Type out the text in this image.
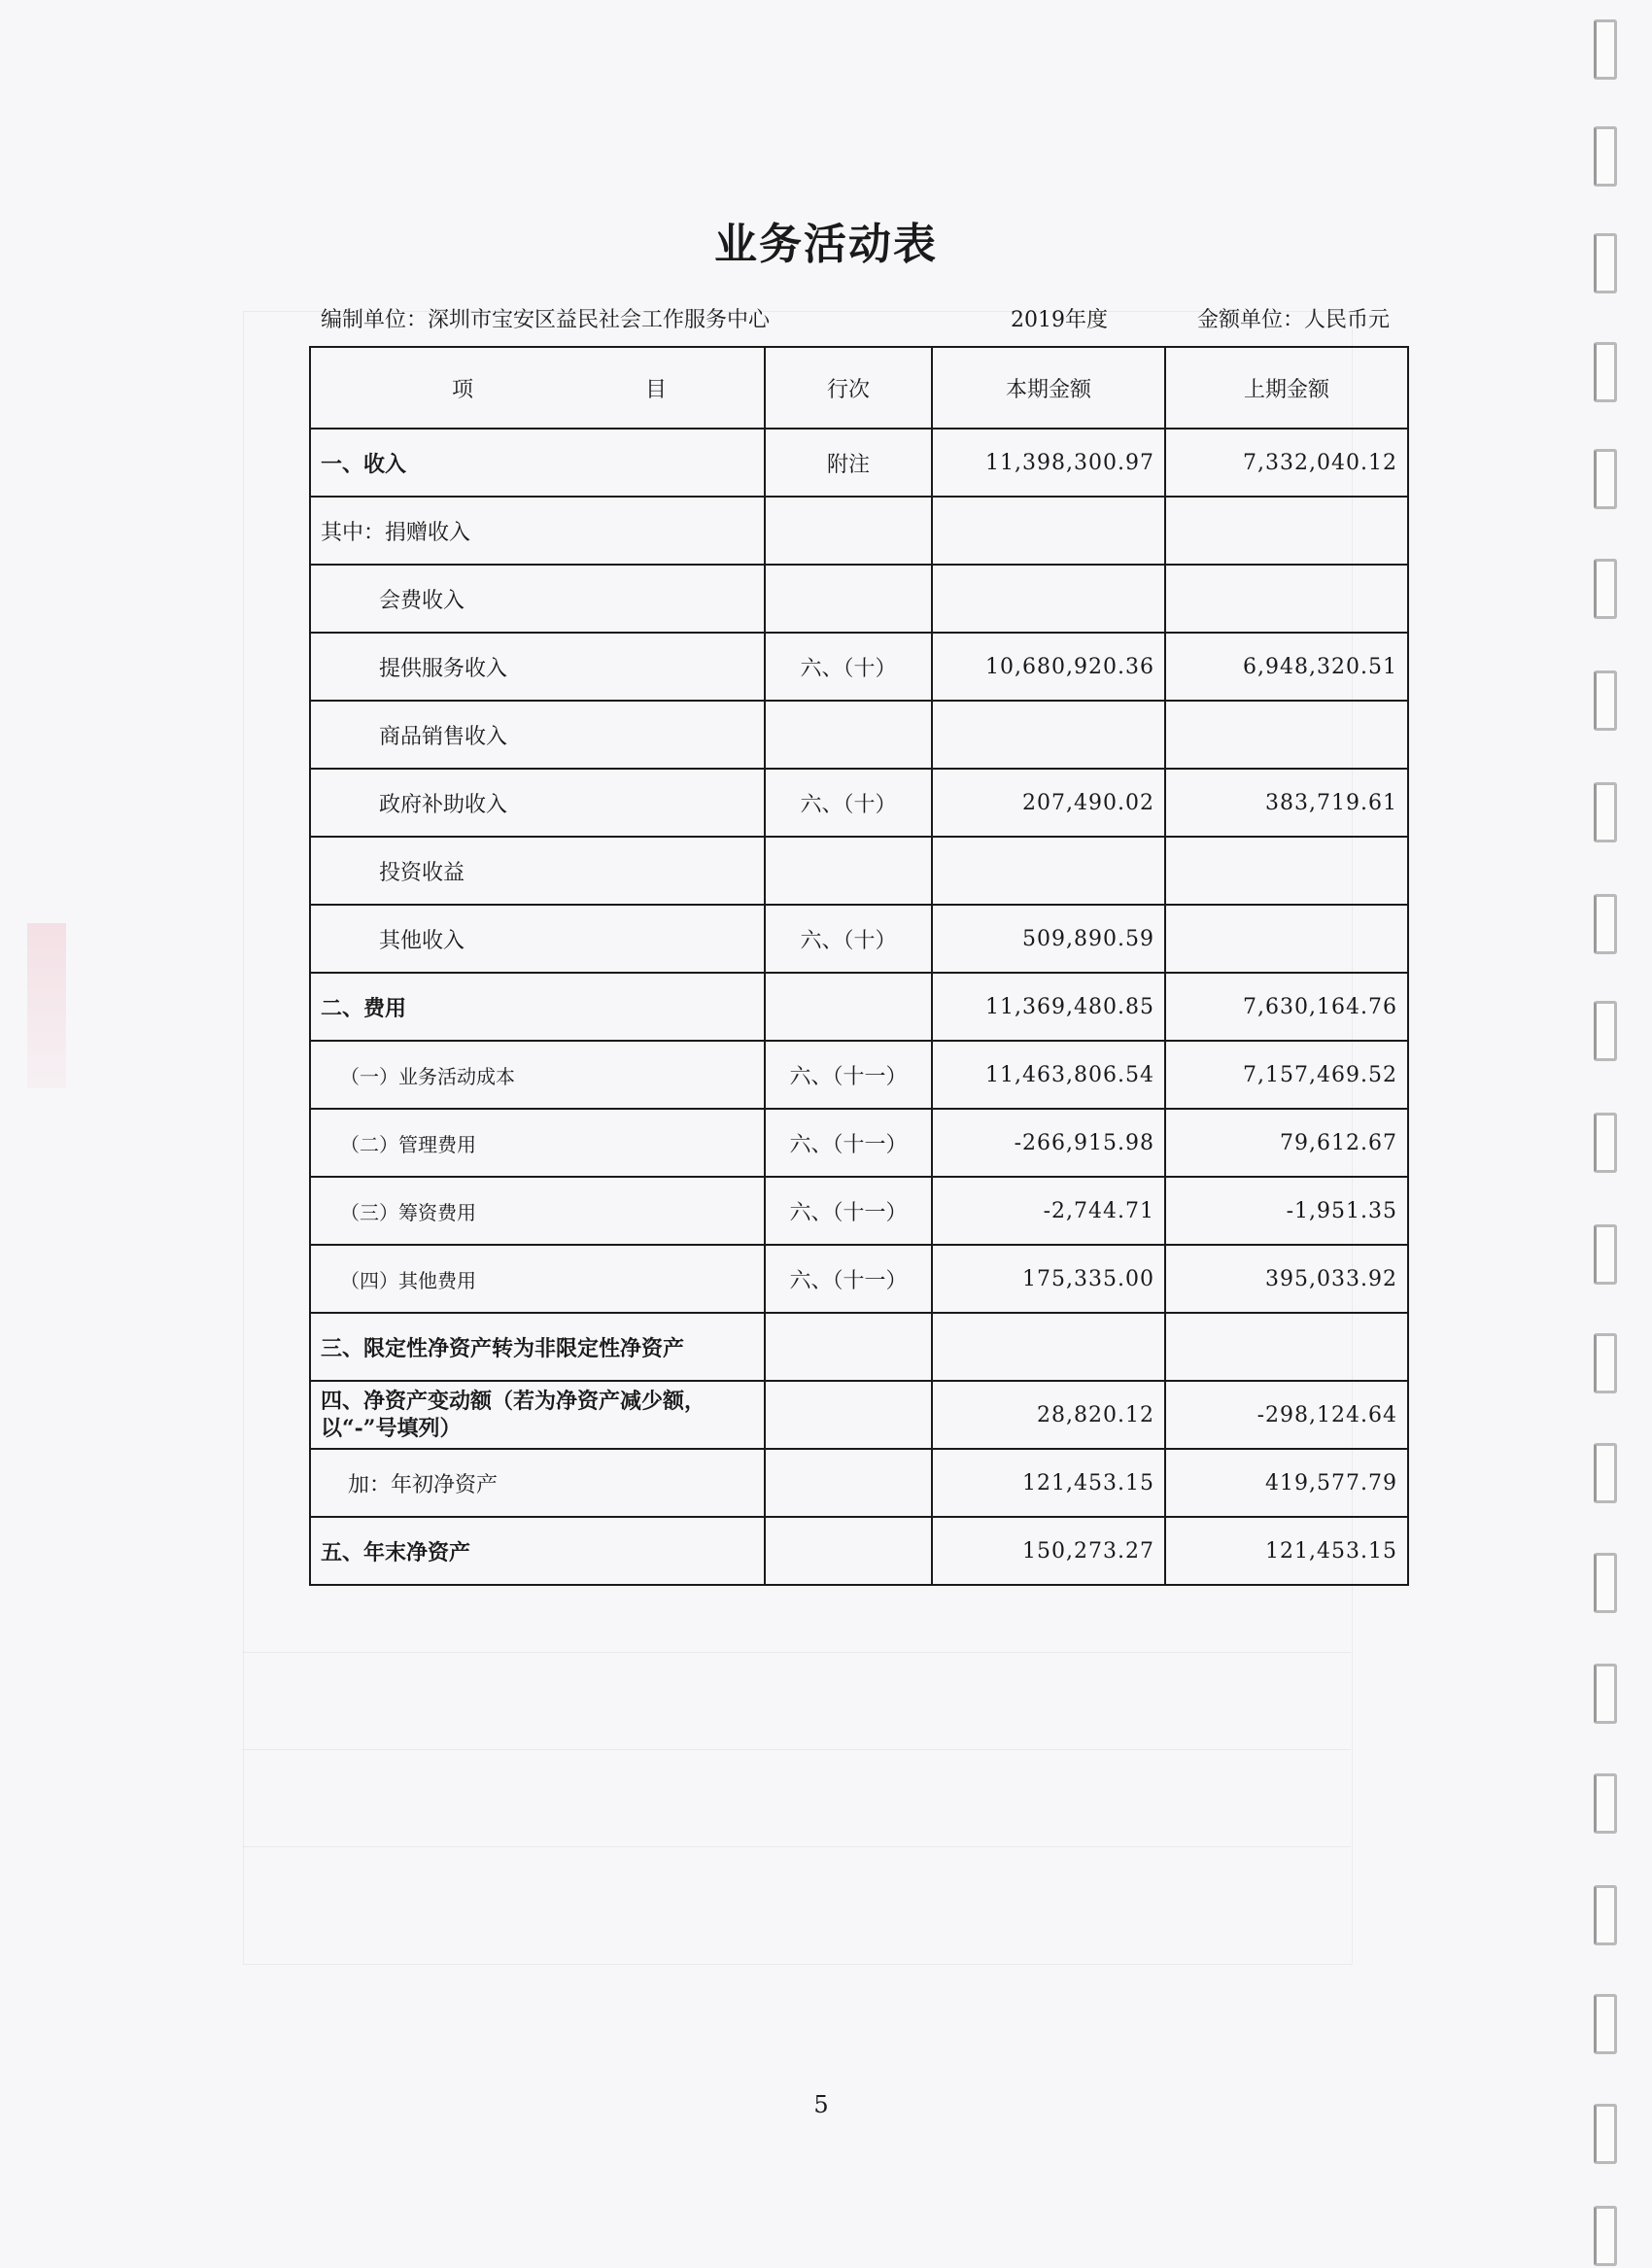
业务活动表
编制单位：深圳市宝安区益民社会工作服务中心	2019年度	金额单位：人民币元
项 目	行次	本期金额	上期金额
一、收入	附注	11,398,300.97	7,332,040.12
其中：捐赠收入			
会费收入			
提供服务收入	六、（十）	10,680,920.36	6,948,320.51
商品销售收入			
政府补助收入	六、（十）	207,490.02	383,719.61
投资收益			
其他收入	六、（十）	509,890.59	
二、费用		11,369,480.85	7,630,164.76
（一）业务活动成本	六、（十一）	11,463,806.54	7,157,469.52
（二）管理费用	六、（十一）	-266,915.98	79,612.67
（三）筹资费用	六、（十一）	-2,744.71	-1,951.35
（四）其他费用	六、（十一）	175,335.00	395,033.92
三、限定性净资产转为非限定性净资产			
四、净资产变动额（若为净资产减少额，以“-”号填列）		28,820.12	-298,124.64
加：年初净资产		121,453.15	419,577.79
五、年末净资产		150,273.27	121,453.15
5
